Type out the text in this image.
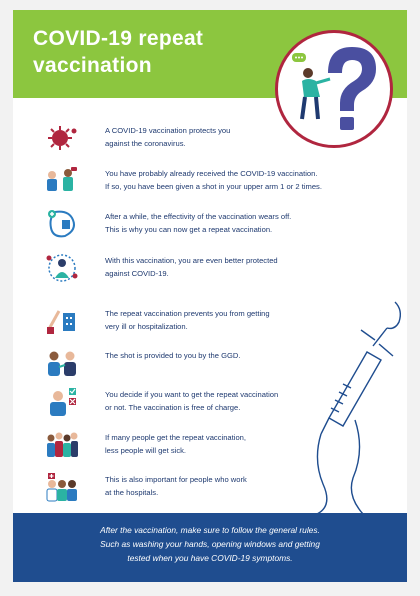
COVID-19 repeat
vaccination
A COVID-19 vaccination protects you
against the coronavirus.
You have probably already received the COVID-19 vaccination.
If so, you have been given a shot in your upper arm 1 or 2 times.
After a while, the effectivity of the vaccination wears off.
This is why you can now get a repeat vaccination.
With this vaccination, you are even better protected
against COVID-19.
The repeat vaccination prevents you from getting
very ill or hospitalization.
The shot is provided to you by the GGD.
You decide if you want to get the repeat vaccination
or not. The vaccination is free of charge.
If many people get the repeat vaccination,
less people will get sick.
This is also important for people who work
at the hospitals.
After the vaccination, make sure to follow the general rules.
Such as washing your hands, opening windows and getting
tested when you have COVID-19 symptoms.
